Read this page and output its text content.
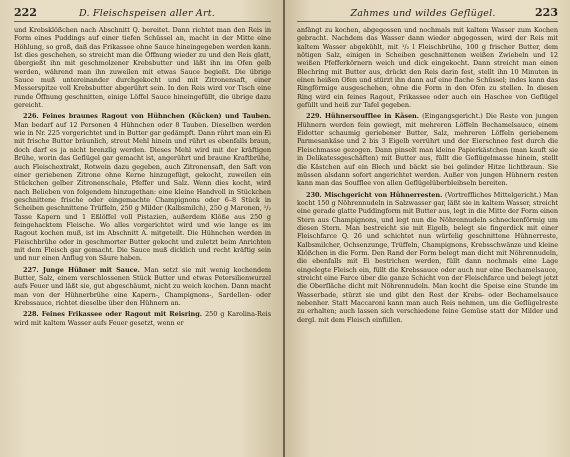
222	D. Fleischspeisen aller Art.

und Krebsklößchen nach Abschnitt Q. bereitet. Dann richtet man den Reis in Form eines Puddings auf einer tiefen Schüssel an, macht in der Mitte eine Höhlung, so groß, daß das Frikassee ohne Sauce hineingegeben werden kann. Ist dies geschehen, so streicht man die Öffnung wieder zu und den Reis glatt, übergießt ihn mit geschmolzener Krebsbutter und läßt ihn im Ofen gelb werden, während man ihn zuweilen mit etwas Sauce begießt. Die übrige Sauce muß untereinander durchgekocht und mit Zitronensaft, einer Messerspitze voll Krebsbutter abgerührt sein. In den Reis wird vor Tisch eine runde Öffnung geschnitten, einige Löffel Sauce hineingefüllt, die übrige dazu gereicht.

226. Feines braunes Ragout von Hühnchen (Kücken) und Tauben. Man bedarf auf 12 Personen 4 Hühnchen oder 8 Tauben. Dieselben werden wie in Nr. 225 vorgerichtet und in Butter gar gedämpft. Dann rührt man ein Ei mit frische Butter bräunlich, streut Mehl hinein und rührt es ebenfalls braun, doch darf es ja nicht brenzlig werden. Dieses Mehl wird mit der kräftigen Brühe, worin das Geflügel gar gemacht ist, angerührt und braune Kraftbrühe, auch Fleischextrakt, Rotwein dazu gegeben, auch Zitronensaft, den Saft von einer geriebenen Zitrone ohne Kerne hinzugefügt, gekocht, zuweilen ein Stückchen gelber Zitronenschale, Pfeffer und Salz. Wenn dies kocht, wird nach Belieben von folgendem hinzugethan: eine kleine Handvoll in Stückchen geschnittene frische oder eingemachte Champignons oder 6–8 Stück in Scheiben geschnittene Trüffeln, 250 g Milder (Kalbsmilch), 250 g Maronen, ¹/₂ Tasse Kapern und 1 Eßlöffel voll Pistazien, außerdem Klöße aus 250 g feingehacktem Fleische. Wo alles vorgerichtet wird und wie lange es im Ragout kochen muß, ist im Abschnitt A. mitgeteilt. Die Hühnchen werden in Fleischbrühe oder in geschmorter Butter gekocht und zuletzt beim Anrichten mit dem Fleisch gar gemacht. Die Sauce muß dicklich und recht kräftig sein und nur einen Anflug von Säure haben.

227. Junge Hühner mit Sauce. Man setzt sie mit wenig kochendem Butter, Salz, einem verschlossenen Stück Butter und etwas Petersilienwurzel aufs Feuer und läßt sie, gut abgeschäumt, nicht zu weich kochen. Dann macht man von der Hühnerbrühe eine Kapern-, Champignons-, Sardellen- oder Krebssauce, richtet dieselbe über den Hühnern an.

228. Feines Frikassee oder Ragout mit Reisring. 250 g Karolina-Reis wird mit kaltem Wasser aufs Feuer gesetzt, wenn er

Zahmes und wildes Geflügel.	223

anfängt zu kochen, abgegossen und nochmals mit kaltem Wasser zum Kochen gebracht. Nachdem das Wasser dann wieder abgegossen, wird der Reis mit kaltem Wasser abgekühlt, mit ¹/₂ l Fleischbrühe, 100 g frischer Butter, dem nötigen Salz, einigen in Scheiben geschnittenen weißen Zwiebeln und 12 weißen Pfefferkörnern weich und dick eingekocht. Dann streicht man einen Blechring mit Butter aus, drückt den Reis darin fest, stellt ihn 10 Minuten in einen heißen Ofen und stürzt ihn dann auf eine flache Schüssel; indes kann das Ringförmige ausgeschehen, ohne die Form in den Ofen zu stellen. In diesen Ring wird ein feines Ragout, Frikassee oder auch ein Haschee von Geflügel gefüllt und heiß zur Tafel gegeben.

229. Hühnersoufflee in Käsen. (Eingangsgericht.) Die Reste von jungen Hühnern werden fein gewiegt, mit mehreren Löffeln Bechamelsauce, einem Eidotter schaumig geriebener Butter, Salz, mehreren Löffeln geriebenem Parmesankäse und 2 bis 3 Eigelb verrührt und der Eierschnee fest durch die Fleischmasse gezogen. Dann pinselt man kleine Papierkästchen (man kauft sie in Delikatessgeschäften) mit Butter aus, füllt die Geflügelmasse hinein, stellt die Kästchen auf ein Blech und bäckt sie bei gelinder Hitze lichtbraun. Sie müssen alsdann sofort angerichtet werden. Außer von jungen Hühnern resten kann man das Soufflee von allen Geflügelüberbleibseln bereiten.

230. Mischgericht von Hühnerresten. (Vortreffliches Mittelgericht.) Man kocht 150 g Nöhrennudeln in Salzwasser gar, läßt sie in kaltem Wasser, streicht eine gerade glatte Puddingform mit Butter aus, legt in die Mitte der Form einen Stern aus Champignons, und legt nun die Nöhrennudeln schneckenförmig um diesen Stern. Man bestreicht sie mit Eigelb, belegt sie fingerdick mit einer Fleischfarce Q. 26 und schichtet nun würfelig geschnittene Hühnerreste, Kalbsmilcher, Ochsenzunge, Trüffeln, Champignons, Krebsschwänze und kleine Klößchen in die Form. Den Rand der Form belegt man dicht mit Nöhrennudeln, die ebenfalls mit Ei bestrichen werden, füllt dann nochmals eine Lage eingelegte Fleisch ein, füllt die Krebssauce oder auch nur eine Bechamelsauce, streicht eine Farce über die ganze Schicht von der Fleischfarce und belegt jetzt die Oberfläche dicht mit Nöhrennudeln. Man kocht die Speise eine Stunde im Wasserbade, stürzt sie und gibt den Rest der Krebs- oder Bechamelsauce nebenher. Statt Maccaroni kann man auch Reis nehmen, um die Geflügelreste zu erhalten; auch lassen sich verschiedene feine Gemüse statt der Milder und dergl. mit dem Fleisch einfüllen.
